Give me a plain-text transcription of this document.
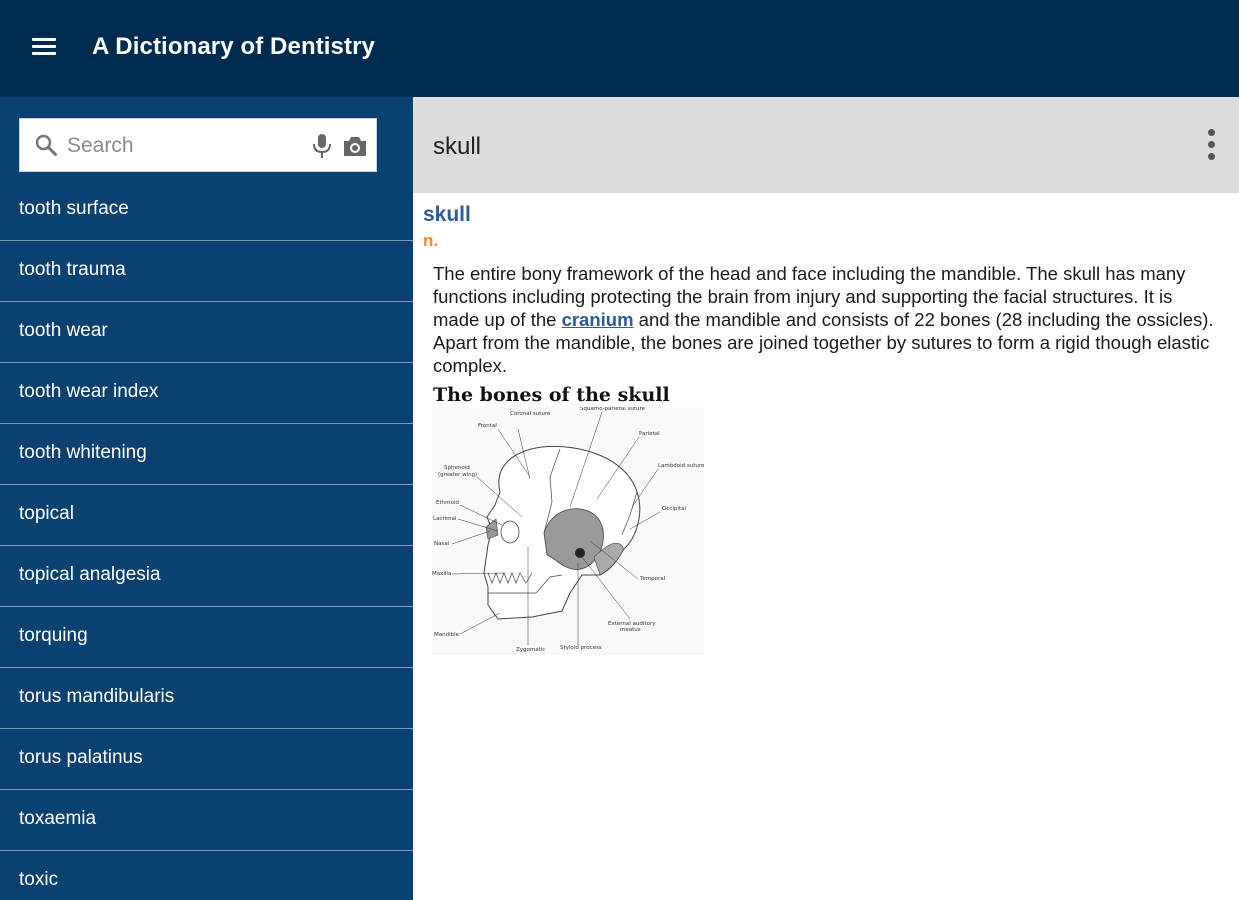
A Dictionary of Dentistry
Search
tooth surface
tooth trauma
tooth wear
tooth wear index
tooth whitening
topical
topical analgesia
torquing
torus mandibularis
torus palatinus
toxaemia
toxic
skull
skull
n.

The entire bony framework of the head and face including the mandible. The skull has many functions including protecting the brain from injury and supporting the facial structures. It is made up of the cranium and the mandible and consists of 22 bones (28 including the ossicles). Apart from the mandible, the bones are joined together by sutures to form a rigid though elastic complex.

The bones of the skull
Coronal suture
Squamo-parietal suture
Frontal
Parietal
Sphenoid
(greater wing)
Lambdoid suture
Ethmoid
Occipital
Lacrimal
Nasal
Maxilla
Temporal
External auditory
meatus
Mandible
Zygomatic	Styloid process
